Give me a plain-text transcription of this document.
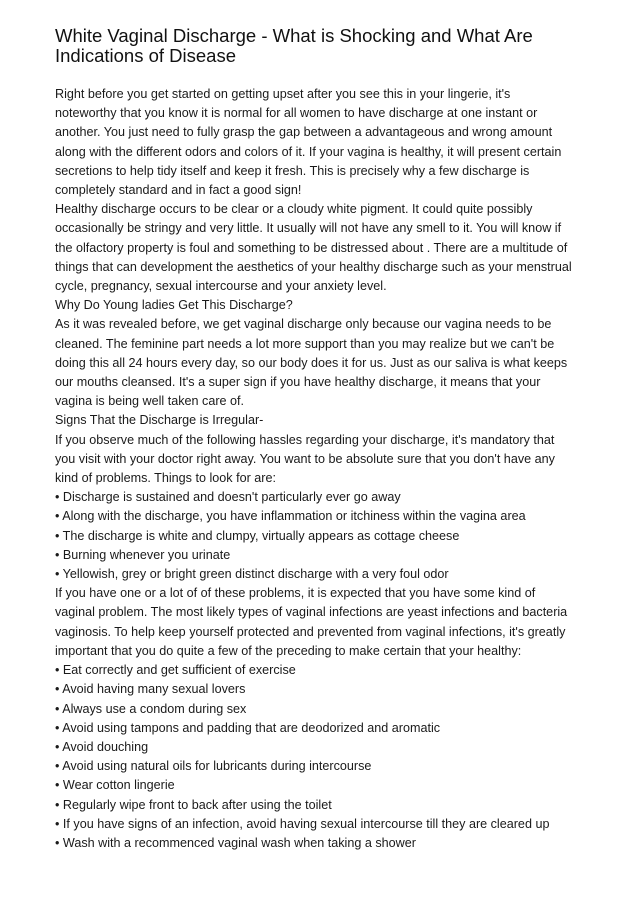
White Vaginal Discharge - What is Shocking and What Are Indications of Disease

Right before you get started on getting upset after you see this in your lingerie, it's
noteworthy that you know it is normal for all women to have discharge at one instant or
another. You just need to fully grasp the gap between a advantageous and wrong amount
along with the different odors and colors of it. If your vagina is healthy, it will present certain
secretions to help tidy itself and keep it fresh. This is precisely why a few discharge is
completely standard and in fact a good sign!
Healthy discharge occurs to be clear or a cloudy white pigment. It could quite possibly
occasionally be stringy and very little. It usually will not have any smell to it. You will know if
the olfactory property is foul and something to be distressed about . There are a multitude of
things that can development the aesthetics of your healthy discharge such as your menstrual
cycle, pregnancy, sexual intercourse and your anxiety level.
Why Do Young ladies Get This Discharge?
As it was revealed before, we get vaginal discharge only because our vagina needs to be
cleaned. The feminine part needs a lot more support than you may realize but we can't be
doing this all 24 hours every day, so our body does it for us. Just as our saliva is what keeps
our mouths cleansed. It's a super sign if you have healthy discharge, it means that your
vagina is being well taken care of.
Signs That the Discharge is Irregular-
If you observe much of the following hassles regarding your discharge, it's mandatory that
you visit with your doctor right away. You want to be absolute sure that you don't have any
kind of problems. Things to look for are:
• Discharge is sustained and doesn't particularly ever go away
• Along with the discharge, you have inflammation or itchiness within the vagina area
• The discharge is white and clumpy, virtually appears as cottage cheese
• Burning whenever you urinate
• Yellowish, grey or bright green distinct discharge with a very foul odor
If you have one or a lot of of these problems, it is expected that you have some kind of
vaginal problem. The most likely types of vaginal infections are yeast infections and bacteria
vaginosis. To help keep yourself protected and prevented from vaginal infections, it's greatly
important that you do quite a few of the preceding to make certain that your healthy:
• Eat correctly and get sufficient of exercise
• Avoid having many sexual lovers
• Always use a condom during sex
• Avoid using tampons and padding that are deodorized and aromatic
• Avoid douching
• Avoid using natural oils for lubricants during intercourse
• Wear cotton lingerie
• Regularly wipe front to back after using the toilet
• If you have signs of an infection, avoid having sexual intercourse till they are cleared up
• Wash with a recommenced vaginal wash when taking a shower
